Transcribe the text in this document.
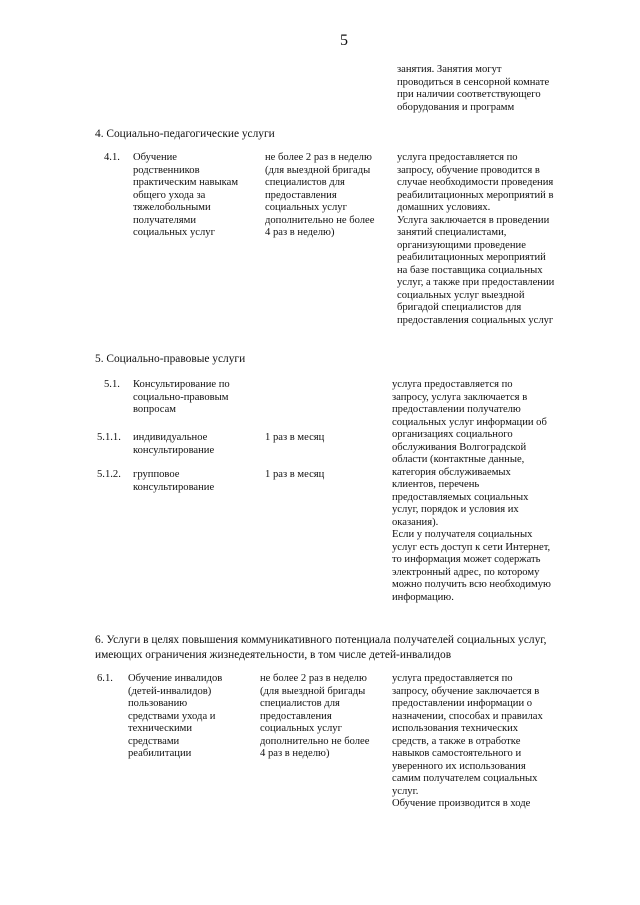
5
занятия. Занятия могут
проводиться в сенсорной комнате
при наличии соответствующего
оборудования и программ
4. Социально-педагогические услуги
4.1. Обучение
родственников
практическим навыкам
общего ухода за
тяжелобольными
получателями
социальных услуг
не более 2 раз в неделю
(для выездной бригады
специалистов для
предоставления
социальных услуг
дополнительно не более
4 раз в неделю)
услуга предоставляется по
запросу, обучение проводится в
случае необходимости проведения
реабилитационных мероприятий в
домашних условиях.
Услуга заключается в проведении
занятий специалистами,
организующими проведение
реабилитационных мероприятий
на базе поставщика социальных
услуг, а также при предоставлении
социальных услуг выездной
бригадой специалистов для
предоставления социальных услуг
5. Социально-правовые услуги
5.1. Консультирование по
социально-правовым
вопросам
5.1.1. индивидуальное
консультирование
1 раз в месяц
5.1.2. групповое
консультирование
1 раз в месяц
услуга предоставляется по
запросу, услуга заключается в
предоставлении получателю
социальных услуг информации об
организациях социального
обслуживания Волгоградской
области (контактные данные,
категория обслуживаемых
клиентов, перечень
предоставляемых социальных
услуг, порядок и условия их
оказания).
Если у получателя социальных
услуг есть доступ к сети Интернет,
то информация может содержать
электронный адрес, по которому
можно получить всю необходимую
информацию.
6. Услуги в целях повышения коммуникативного потенциала получателей социальных услуг,
имеющих ограничения жизнедеятельности, в том числе детей-инвалидов
6.1. Обучение инвалидов
(детей-инвалидов)
пользованию
средствами ухода и
техническими
средствами
реабилитации
не более 2 раз в неделю
(для выездной бригады
специалистов для
предоставления
социальных услуг
дополнительно не более
4 раз в неделю)
услуга предоставляется по
запросу, обучение заключается в
предоставлении информации о
назначении, способах и правилах
использования технических
средств, а также в отработке
навыков самостоятельного и
уверенного их использования
самим получателем социальных
услуг.
Обучение производится в ходе
